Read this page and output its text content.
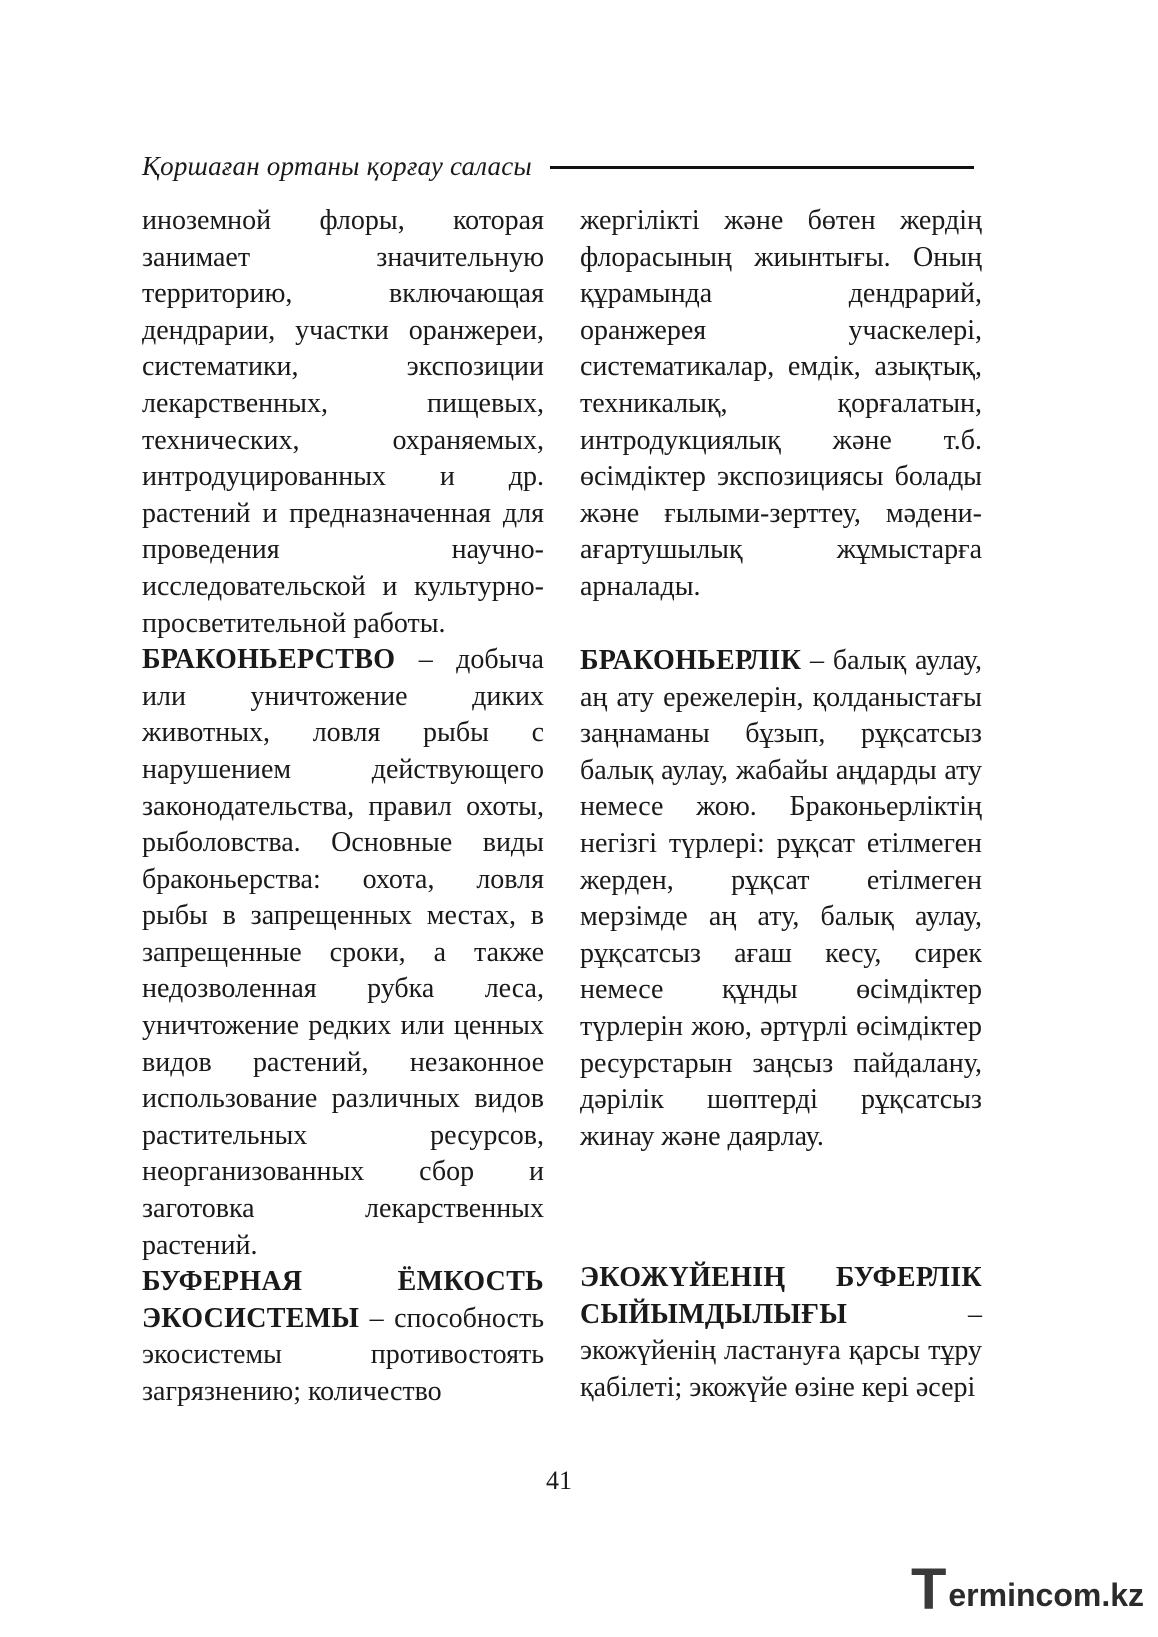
Қоршаған ортаны қорғау саласы

иноземной флоры, которая занимает значительную территорию, включающая дендрарии, участки оранжереи, систематики, экспозиции лекарственных, пищевых, технических, охраняемых, интродуцированных и др. растений и предназначенная для проведения научно-исследовательской и культурно-просветительной работы.

БРАКОНЬЕРСТВО – добыча или уничтожение диких животных, ловля рыбы с нарушением действующего законодательства, правил охоты, рыболовства. Основные виды браконьерства: охота, ловля рыбы в запрещенных местах, в запрещенные сроки, а также недозволенная рубка леса, уничтожение редких или ценных видов растений, незаконное использование различных видов растительных ресурсов, неорганизованных сбор и заготовка лекарственных растений.

БУФЕРНАЯ ЁМКОСТЬ ЭКОСИСТЕМЫ – способность экосистемы противостоять загрязнению; количество

жергілікті және бөтен жердің флорасының жиынтығы. Оның құрамында дендрарий, оранжерея учаскелері, систематикалар, емдік, азықтық, техникалық, қорғалатын, интродукциялық және т.б. өсімдіктер экспозициясы болады және ғылыми-зерттеу, мәдени-ағартушылық жұмыстарға арналады.

БРАКОНЬЕРЛІК – балық аулау, аң ату ережелерін, қолданыстағы заңнаманы бұзып, рұқсатсыз балық аулау, жабайы аңдарды ату немесе жою. Браконьерліктің негізгі түрлері: рұқсат етілмеген жерден, рұқсат етілмеген мерзімде аң ату, балық аулау, рұқсатсыз ағаш кесу, сирек немесе құнды өсімдіктер түрлерін жою, әртүрлі өсімдіктер ресурстарын заңсыз пайдалану, дәрілік шөптерді рұқсатсыз жинау және даярлау.

ЭКОЖҮЙЕНІҢ БУФЕРЛІК СЫЙЫМДЫЛЫҒЫ – экожүйенің ластануға қарсы тұру қабілеті; экожүйе өзіне кері әсері

41
T ermincom.kz
